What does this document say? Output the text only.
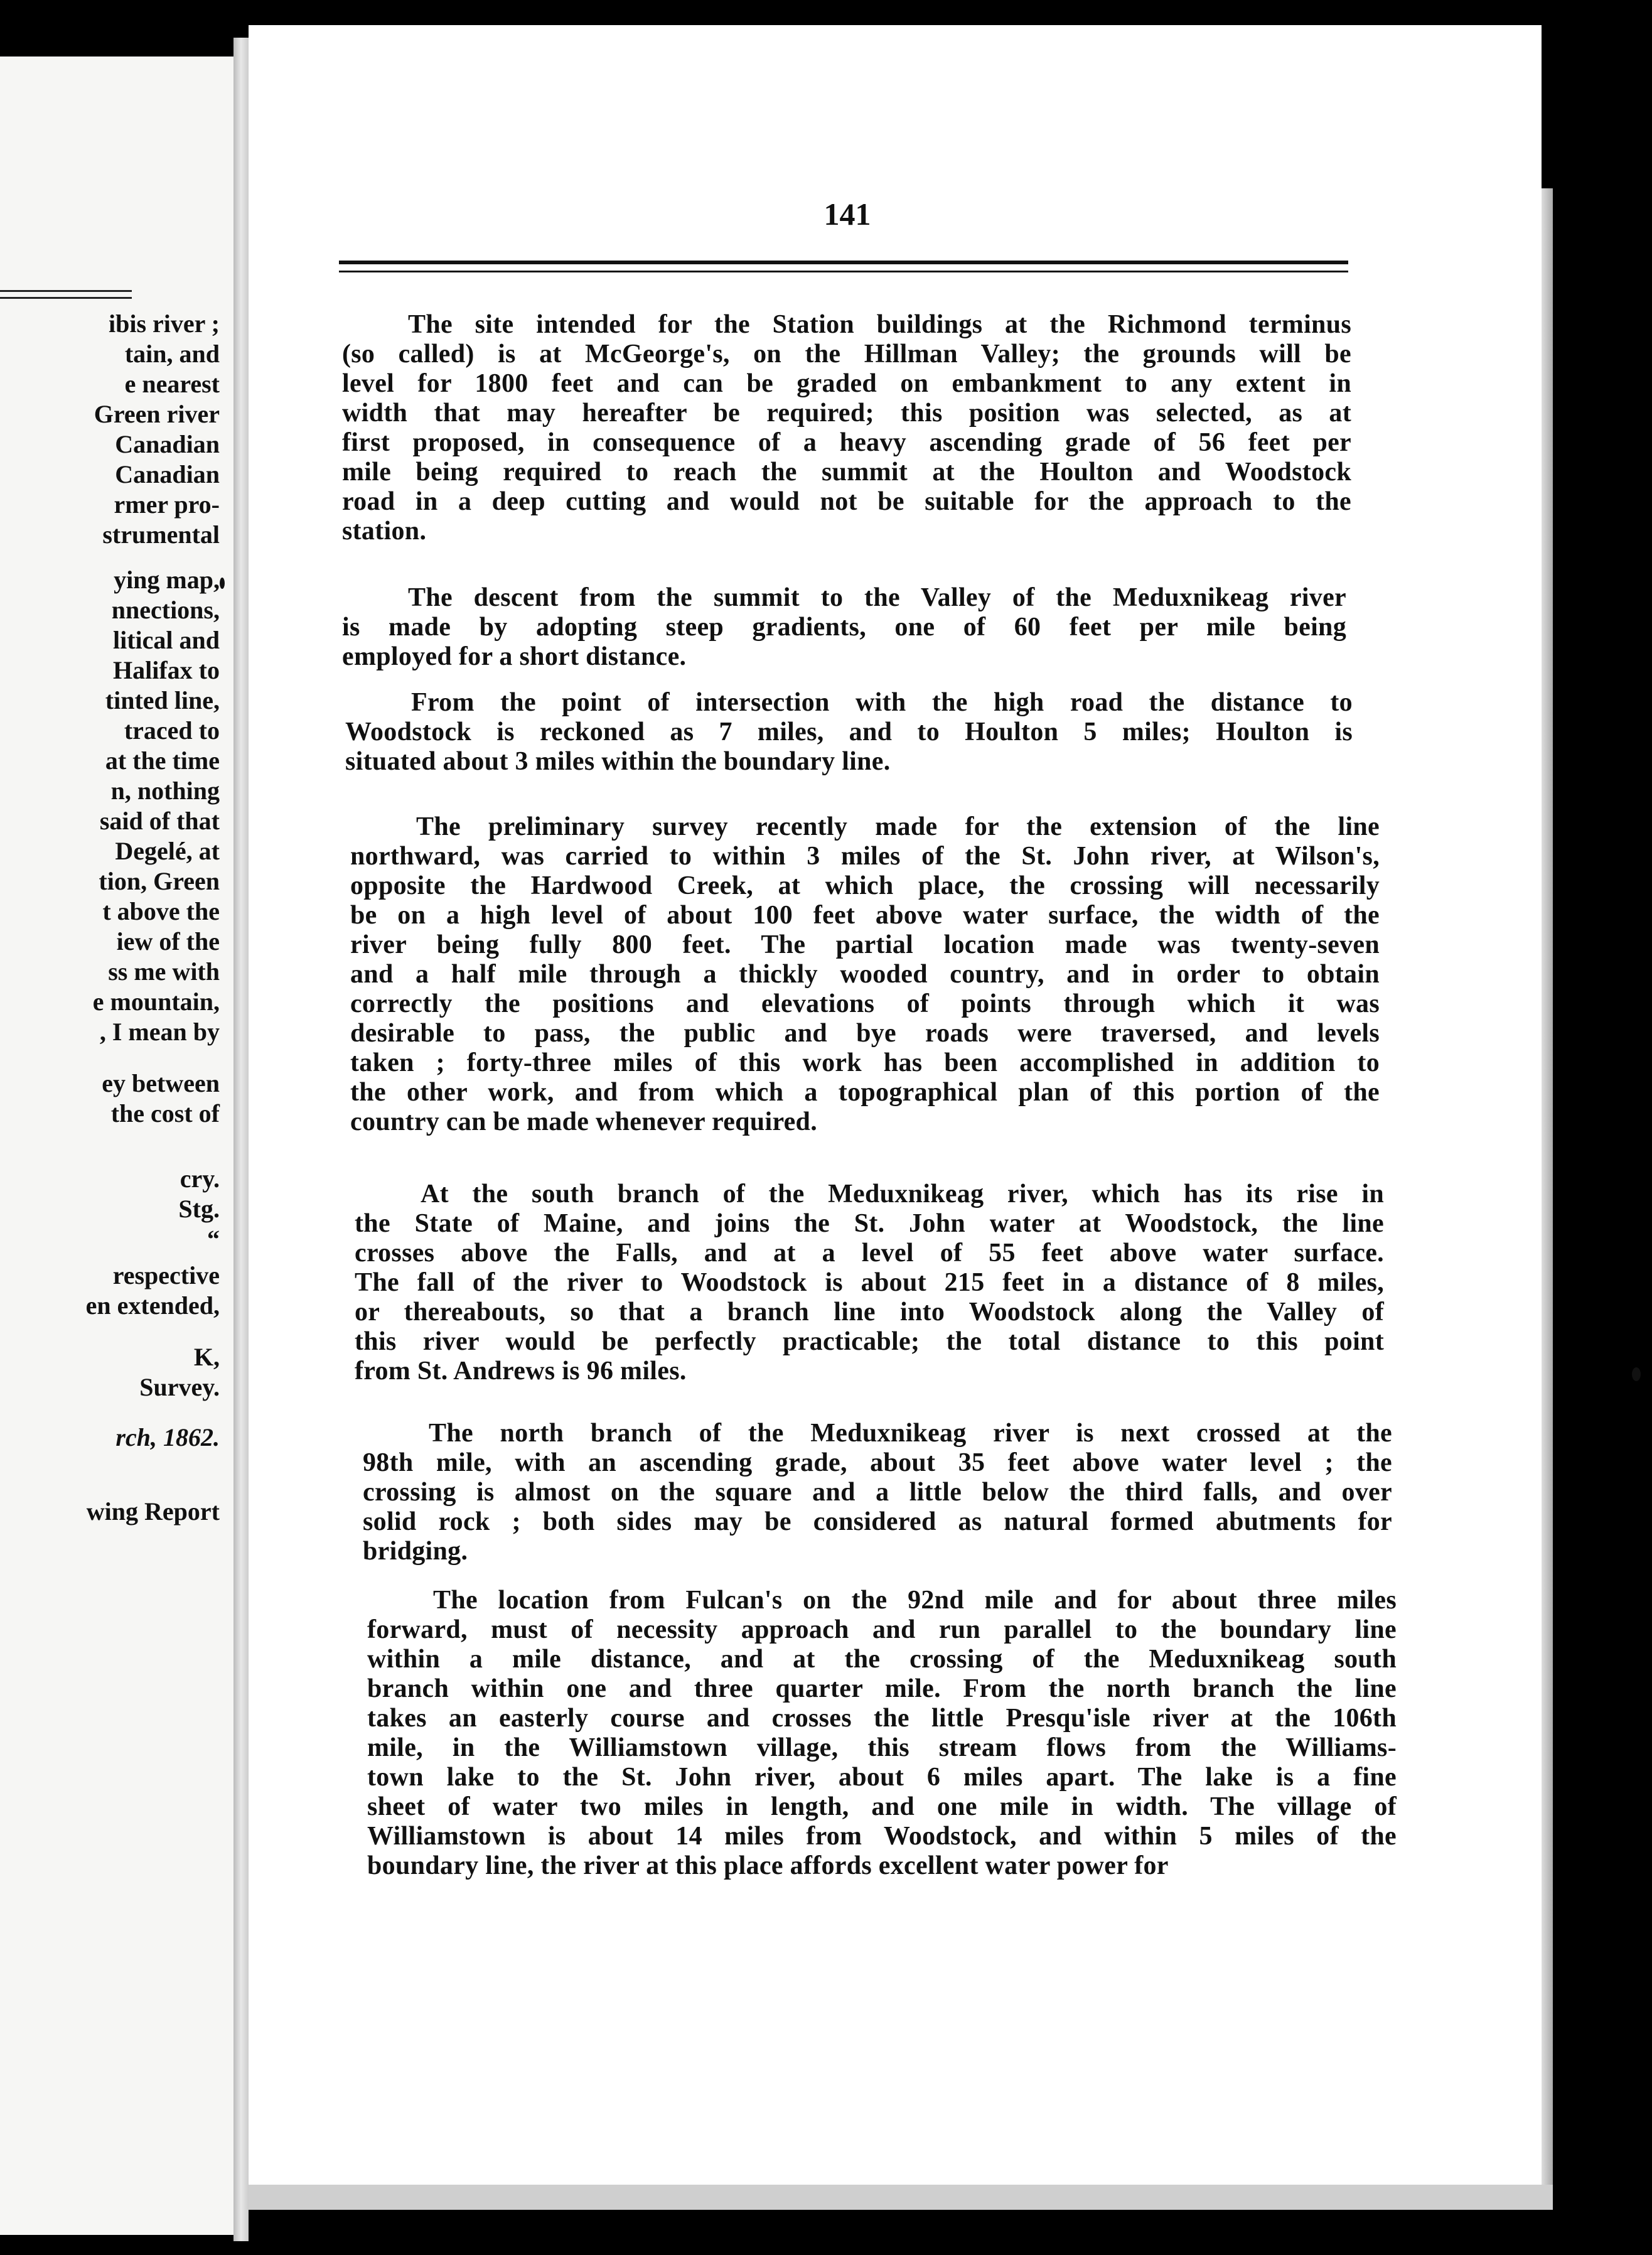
ibis river ;
tain, and
e nearest
Green river
Canadian
Canadian
rmer pro-
strumental
ying map,
nnections,
litical and
Halifax to
tinted line,
traced to
at the time
n, nothing
said of that
Degelé, at
tion, Green
t above the
iew of the
ss me with
e mountain,
, I mean by
ey between
the cost of
cry.
Stg.
“
respective
en extended,
K,
Survey.
rch, 1862.
wing Report
141
The site intended for the Station buildings at the Richmond terminus
(so called) is at McGeorge's, on the Hillman Valley; the grounds will be
level for 1800 feet and can be graded on embankment to any extent in
width that may hereafter be required; this position was selected, as at
first proposed, in consequence of a heavy ascending grade of 56 feet per
mile being required to reach the summit at the Houlton and Woodstock
road in a deep cutting and would not be suitable for the approach to the
station.
The descent from the summit to the Valley of the Meduxnikeag river
is made by adopting steep gradients, one of 60 feet per mile being
employed for a short distance.
From the point of intersection with the high road the distance to
Woodstock is reckoned as 7 miles, and to Houlton 5 miles; Houlton is
situated about 3 miles within the boundary line.
The preliminary survey recently made for the extension of the line
northward, was carried to within 3 miles of the St. John river, at Wilson's,
opposite the Hardwood Creek, at which place, the crossing will necessarily
be on a high level of about 100 feet above water surface, the width of the
river being fully 800 feet. The partial location made was twenty-seven
and a half mile through a thickly wooded country, and in order to obtain
correctly the positions and elevations of points through which it was
desirable to pass, the public and bye roads were traversed, and levels
taken ; forty-three miles of this work has been accomplished in addition to
the other work, and from which a topographical plan of this portion of the
country can be made whenever required.
At the south branch of the Meduxnikeag river, which has its rise in
the State of Maine, and joins the St. John water at Woodstock, the line
crosses above the Falls, and at a level of 55 feet above water surface.
The fall of the river to Woodstock is about 215 feet in a distance of 8 miles,
or thereabouts, so that a branch line into Woodstock along the Valley of
this river would be perfectly practicable; the total distance to this point
from St. Andrews is 96 miles.
The north branch of the Meduxnikeag river is next crossed at the
98th mile, with an ascending grade, about 35 feet above water level ; the
crossing is almost on the square and a little below the third falls, and over
solid rock ; both sides may be considered as natural formed abutments for
bridging.
The location from Fulcan's on the 92nd mile and for about three miles
forward, must of necessity approach and run parallel to the boundary line
within a mile distance, and at the crossing of the Meduxnikeag south
branch within one and three quarter mile. From the north branch the line
takes an easterly course and crosses the little Presqu'isle river at the 106th
mile, in the Williamstown village, this stream flows from the Williams-
town lake to the St. John river, about 6 miles apart. The lake is a fine
sheet of water two miles in length, and one mile in width. The village of
Williamstown is about 14 miles from Woodstock, and within 5 miles of the
boundary line, the river at this place affords excellent water power for
